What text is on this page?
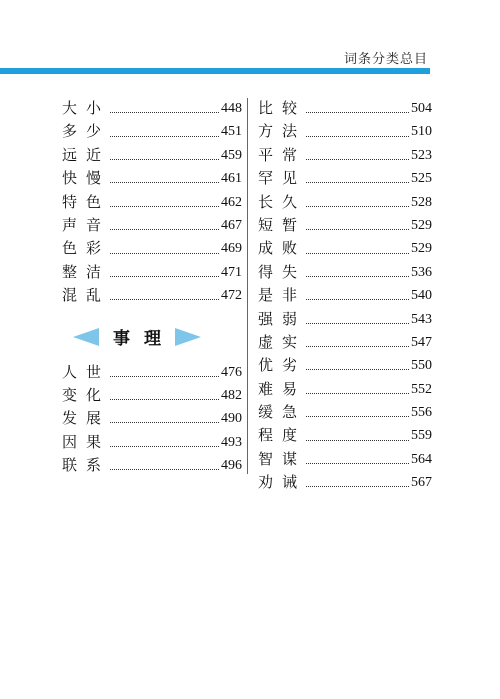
词条分类总目
大 小	448
多 少	451
远 近	459
快 慢	461
特 色	462
声 音	467
色 彩	469
整 洁	471
混 乱	472
事理
人 世	476
变 化	482
发 展	490
因 果	493
联 系	496
比 较	504
方 法	510
平 常	523
罕 见	525
长 久	528
短 暂	529
成 败	529
得 失	536
是 非	540
强 弱	543
虚 实	547
优 劣	550
难 易	552
缓 急	556
程 度	559
智 谋	564
劝 诫	567
